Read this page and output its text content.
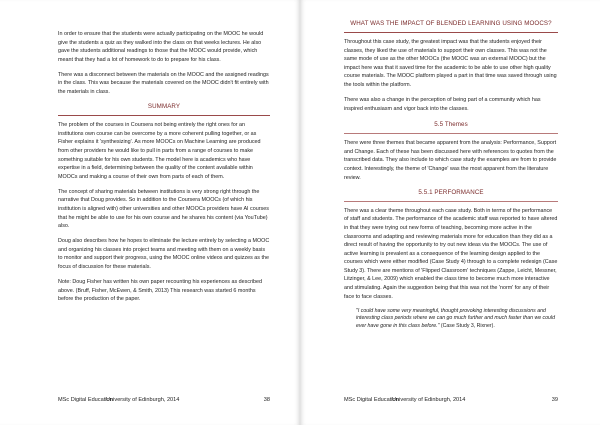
In order to ensure that the students were actually participating on the MOOC he would give the students a quiz as they walked into the class on that weeks lectures. He also gave the students additional readings to those that the MOOC would provide, which meant that they had a lot of homework to do to prepare for his class.

There was a disconnect between the materials on the MOOC and the assigned readings in the class. This was because the materials covered on the MOOC didn't fit entirely with the materials in class.

SUMMARY

The problem of the courses in Coursera not being entirely the right ones for an institutions own course can be overcome by a more coherent pulling together, or as Fisher explains it 'synthesizing'. As more MOOCs on Machine Learning are produced from other providers he would like to pull in parts from a range of courses to make something suitable for his own students. The model here is academics who have expertise in a field, determining between the quality of the content available within MOOCs and making a course of their own from parts of each of them.

The concept of sharing materials between institutions is very strong right through the narrative that Doug provides. So in addition to the Coursera MOOCs (of which his institution is aligned with) other universities and other MOOCs providers have AI courses that he might be able to use for his own course and he shares his content (via YouTube) also.

Doug also describes how he hopes to eliminate the lecture entirely by selecting a MOOC and organizing his classes into project teams and meeting with them on a weekly basis to monitor and support their progress, using the MOOC online videos and quizzes as the focus of discussion for these materials.

Note: Doug Fisher has written his own paper recounting his experiences as described above. (Bruff, Fisher, McEwen, & Smith, 2013) This research was started 6 months before the production of the paper.

MSc Digital Education
University of Edinburgh, 2014	38
WHAT WAS THE IMPACT OF BLENDED LEARNING USING MOOCS?

Throughout this case study, the greatest impact was that the students enjoyed their classes, they liked the use of materials to support their own classes. This was not the same mode of use as the other MOOCs (the MOOC was an external MOOC) but the impact here was that it saved time for the academic to be able to use other high quality course materials. The MOOC platform played a part in that time was saved through using the tools within the platform.

There was also a change in the perception of being part of a community which has inspired enthusiasm and vigor back into the classes.

5.5 Themes

There were three themes that became apparent from the analysis: Performance, Support and Change. Each of these has been discussed here with references to quotes from the transcribed data. They also include to which case study the examples are from to provide context. Interestingly, the theme of 'Change' was the most apparent from the literature review.

5.5.1 PERFORMANCE

There was a clear theme throughout each case study. Both in terms of the performance of staff and students. The performance of the academic staff was reported to have altered in that they were trying out new forms of teaching, becoming more active in the classrooms and adapting and reviewing materials more for education than they did as a direct result of having the opportunity to try out new ideas via the MOOCs. The use of active learning is prevalent as a consequence of the learning design applied to the courses which were either modified (Case Study 4) through to a complete redesign (Case Study 3). There are mentions of 'Flipped Classroom' techniques (Zappe, Leicht, Messner, Litzinger, & Lee, 2009) which enabled the class time to become much more interactive and stimulating. Again the suggestion being that this was not the 'norm' for any of their face to face classes.

"I could have some very meaningful, thought provoking interesting discussions and interesting class periods where we can go much further and much faster than we could ever have gone in this class before." (Case Study 3, Rixner).

MSc Digital Education
University of Edinburgh, 2014	39
